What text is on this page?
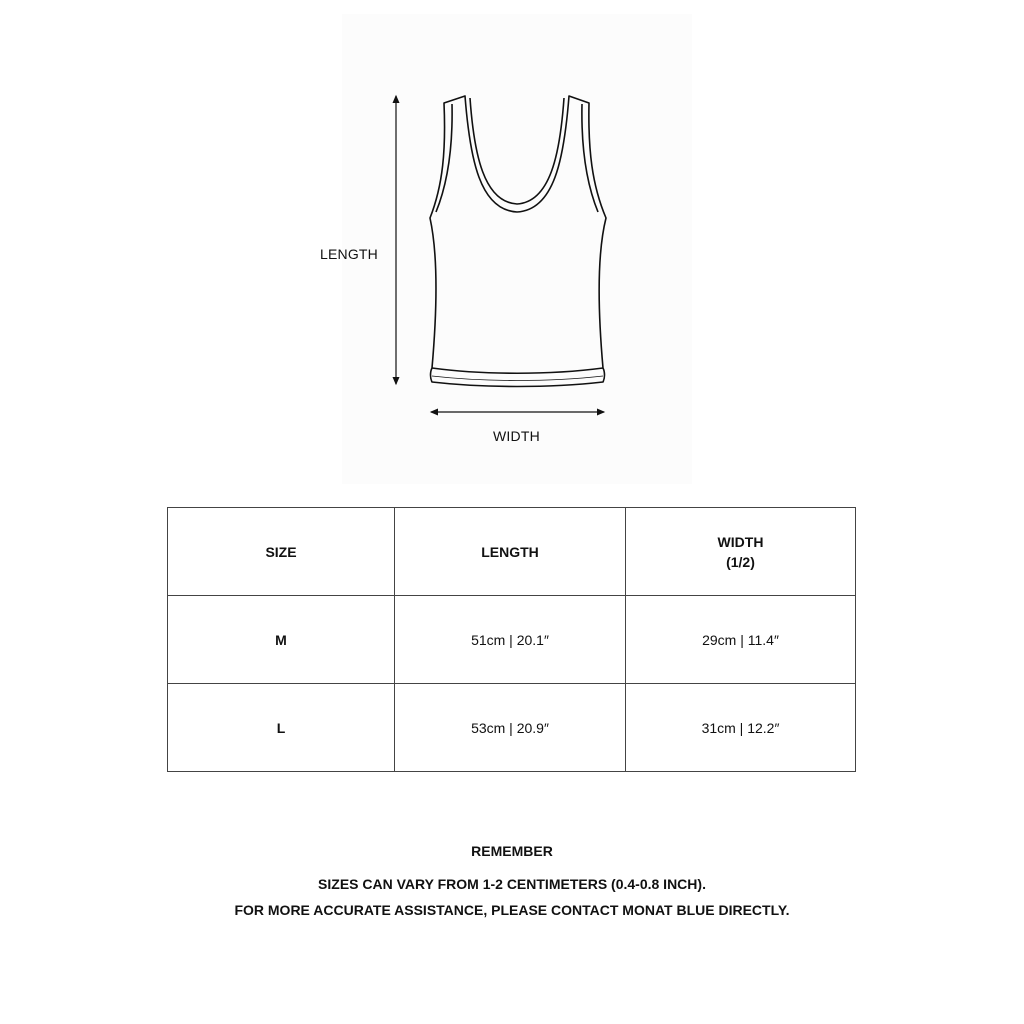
LENGTH
WIDTH
SIZE	LENGTH	WIDTH
(1/2)

M	51cm | 20.1″	29cm | 11.4″
L	53cm | 20.9″	31cm | 12.2″
REMEMBER
SIZES CAN VARY FROM 1-2 CENTIMETERS (0.4-0.8 INCH).
FOR MORE ACCURATE ASSISTANCE, PLEASE CONTACT MONAT BLUE DIRECTLY.
